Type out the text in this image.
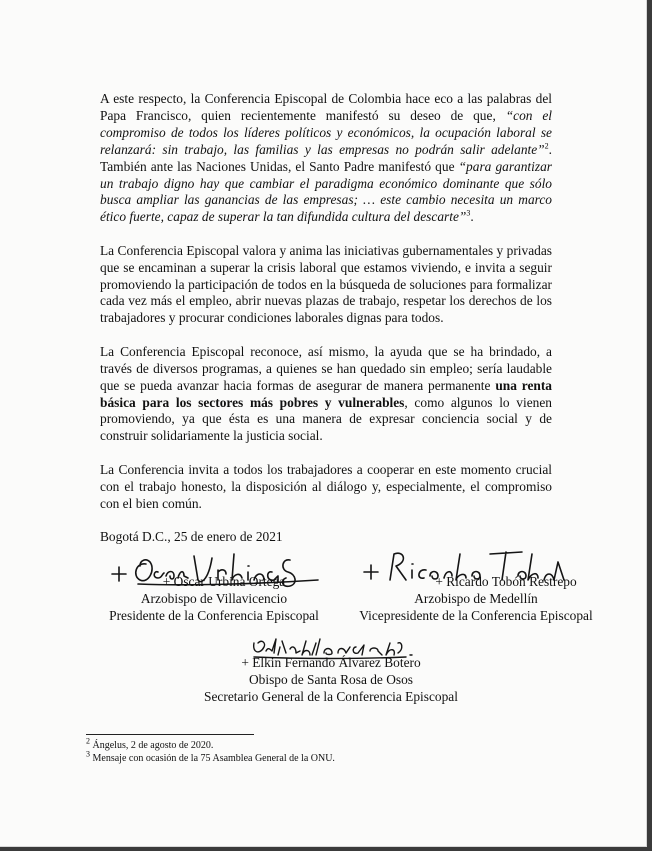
A este respecto, la Conferencia Episcopal de Colombia hace eco a las palabras del Papa Francisco, quien recientemente manifestó su deseo de que, “con el compromiso de todos los líderes políticos y económicos, la ocupación laboral se relanzará: sin trabajo, las familias y las empresas no podrán salir adelante”$^2$. También ante las Naciones Unidas, el Santo Padre manifestó que “para garantizar un trabajo digno hay que cambiar el paradigma económico dominante que sólo busca ampliar las ganancias de las empresas; … este cambio necesita un marco ético fuerte, capaz de superar la tan difundida cultura del descarte”$^3$.

La Conferencia Episcopal valora y anima las iniciativas gubernamentales y privadas que se encaminan a superar la crisis laboral que estamos viviendo, e invita a seguir promoviendo la participación de todos en la búsqueda de soluciones para formalizar cada vez más el empleo, abrir nuevas plazas de trabajo, respetar los derechos de los trabajadores y procurar condiciones laborales dignas para todos.

La Conferencia Episcopal reconoce, así mismo, la ayuda que se ha brindado, a través de diversos programas, a quienes se han quedado sin empleo; sería laudable que se pueda avanzar hacia formas de asegurar de manera permanente una renta básica para los sectores más pobres y vulnerables, como algunos lo vienen promoviendo, ya que ésta es una manera de expresar conciencia social y de construir solidariamente la justicia social.

La Conferencia invita a todos los trabajadores a cooperar en este momento crucial con el trabajo honesto, la disposición al diálogo y, especialmente, el compromiso con el bien común.

Bogotá D.C., 25 de enero de 2021

+ Óscar Urbina Ortega
Arzobispo de Villavicencio
Presidente de la Conferencia Episcopal
+ Ricardo Tobón Restrepo
Arzobispo de Medellín
Vicepresidente de la Conferencia Episcopal
+ Elkin Fernando Álvarez Botero
Obispo de Santa Rosa de Osos
Secretario General de la Conferencia Episcopal
$^2$ Ángelus, 2 de agosto de 2020.
$^3$ Mensaje con ocasión de la 75 Asamblea General de la ONU.
